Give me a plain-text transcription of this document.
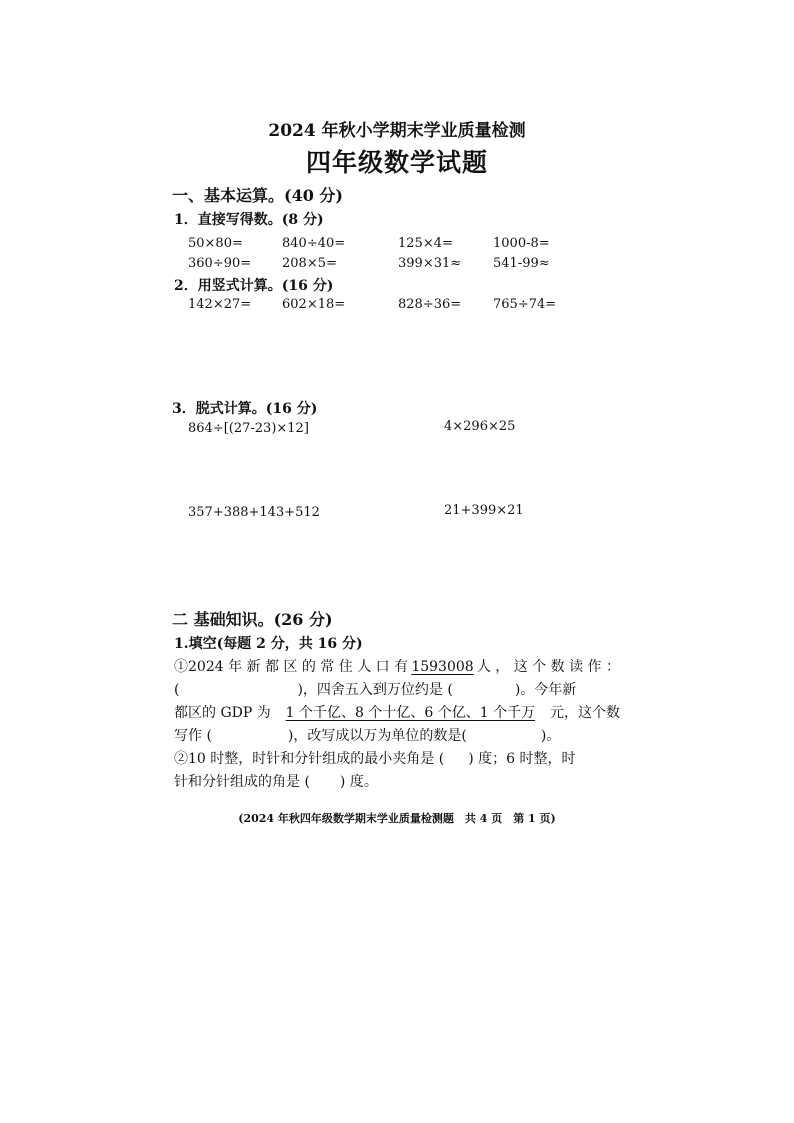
2024 年秋小学期末学业质量检测
四年级数学试题
一、基本运算。(40 分)
1．直接写得数。(8 分)
50×80=	840÷40=	125×4=	1000-8=
360÷90= 208×5=	399×31≈ 541-99≈
2．用竖式计算。(16 分)
142×27= 602×18=	828÷36= 765÷74=
3．脱式计算。(16 分)
864÷[(27-23)×12]	4×296×25
357+388+143+512	21+399×21
二 基础知识。(26 分)
1.填空(每题 2 分，共 16 分)
①2024 年 新 都 区 的 常 住 人 口 有 1593008 人 ， 这 个 数 读 作 ：
(	)，四舍五入到万位约是 (	)。今年新
都区的 GDP 为 1 个千亿、8 个十亿、6 个亿、1 个千万 元，这个数
写作 (	)，改写成以万为单位的数是(	)。
②10 时整，时针和分针组成的最小夹角是 ( ) 度；6 时整，时
针和分针组成的角是 ( ) 度。
(2024 年秋四年级数学期末学业质量检测题　共 4 页　第 1 页)
